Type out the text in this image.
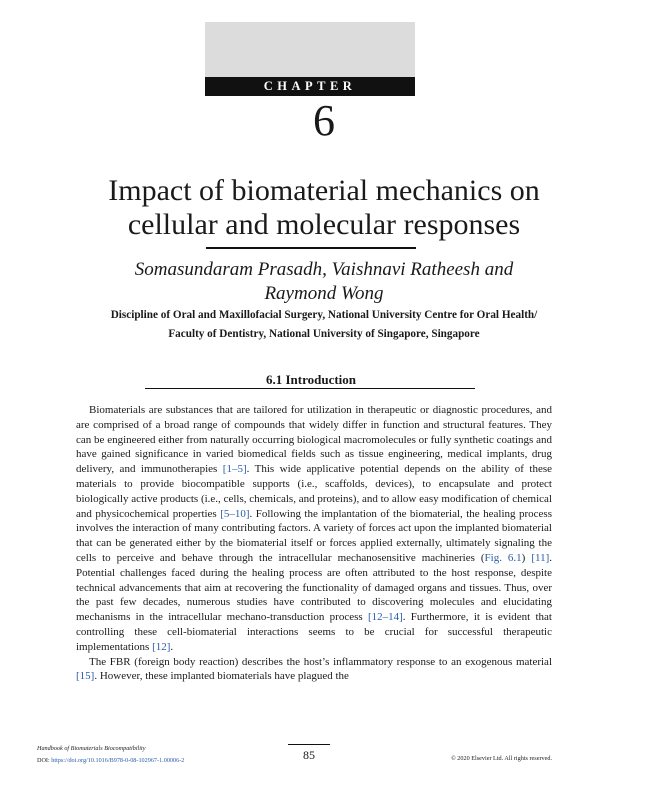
CHAPTER
6
Impact of biomaterial mechanics on
cellular and molecular responses
Somasundaram Prasadh, Vaishnavi Ratheesh and
Raymond Wong
Discipline of Oral and Maxillofacial Surgery, National University Centre for Oral Health/
Faculty of Dentistry, National University of Singapore, Singapore
6.1 Introduction

Biomaterials are substances that are tailored for utilization in therapeutic or diagnostic procedures, and are comprised of a broad range of compounds that widely differ in function and structural features. They can be engineered either from naturally occurring biological macromolecules or fully synthetic coatings and have gained significance in varied biomedical fields such as tissue engineering, medical implants, drug delivery, and immunotherapies [1–5]. This wide applicative potential depends on the ability of these materials to provide biocompatible supports (i.e., scaffolds, devices), to encapsulate and protect biologically active products (i.e., cells, chemicals, and proteins), and to allow easy modification of chemical and physicochemical properties [5–10]. Following the implantation of the biomaterial, the healing process involves the interaction of many contributing factors. A variety of forces act upon the implanted biomaterial that can be generated either by the biomaterial itself or forces applied externally, ultimately signaling the cells to perceive and behave through the intracellular mechanosensitive machineries (Fig. 6.1) [11]. Potential challenges faced during the healing process are often attributed to the host response, despite technical advancements that aim at recovering the functionality of damaged organs and tissues. Thus, over the past few decades, numerous studies have contributed to discovering molecules and elucidating mechanisms in the intracellular mechano-transduction process [12–14]. Furthermore, it is evident that controlling these cell-biomaterial interactions seems to be crucial for successful therapeutic implementations [12].

The FBR (foreign body reaction) describes the host’s inflammatory response to an exogenous material [15]. However, these implanted biomaterials have plagued the

Handbook of Biomaterials Biocompatibility
DOI: https://doi.org/10.1016/B978-0-08-102967-1.00006-2	85	© 2020 Elsevier Ltd. All rights reserved.
